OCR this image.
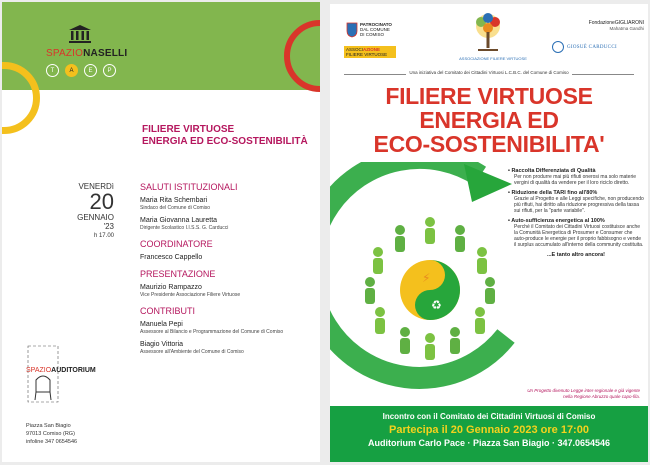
SPAZIONASELLI
T	A	E	P
FILIERE VIRTUOSE
ENERGIA ED ECO-SOSTENIBILITÀ
VENERDì
20
GENNAIO '23
h 17.00
SALUTI ISTITUZIONALI
Maria Rita Schembari
Sindaco del Comune di Comiso
Maria Giovanna Lauretta
Dirigente Scolastico I.I.S.S. G. Carducci
COORDINATORE
Francesco Cappello
PRESENTAZIONE
Maurizio Rampazzo
Vice Presidente Associazione Filiere Virtuose
CONTRIBUTI
Manuela Pepi
Assessore al Bilancio e Programmazione del Comune di Comiso
Biagio Vittoria
Assessore all'Ambiente del Comune di Comiso
SPAZIOAUDITORIUM
Piazza San Biagio
97013 Comiso (RG)
infoline 347 0654546
PATROCINATO
DAL COMUNE
DI COMISO
ASSOCIAZIONE
FILIERE VIRTUOSE
ASSOCIAZIONE FILIERE VIRTUOSE
FondazioneGIGLIARONI
Mahatma Gandhi
GIOSUÈ CARDUCCI
Una iniziativa del Comitato dei Cittadini Virtuosi L.C.B.C. del Comune di Comiso
FILIERE VIRTUOSE
ENERGIA ED
ECO-SOSTENIBILITA'
⚡
♻
• Raccolta Differenziata di Qualità
Per non produrre mai più rifiuti onerosi ma solo materie vergini di qualità da vendere per il loro riciclo diretto.
• Riduzione della TARI fino all'80%
Grazie al Progetto e alle Leggi specifiche, non producendo più rifiuti, hai diritto alla riduzione progressiva della tassa sui rifiuti, per la "parte variabile".
• Auto-sufficienza energetica al 100%
Perché il Comitato dei Cittadini Virtuosi costituisce anche la Comunità Energetica di Prosumer e Consumer che auto-produce le energie per il proprio fabbisogno e vende il surplus accumulato all'interno della community costituita.
...E tanto altro ancora!
Un Progetto divenuto Legge inter-regionale e già vigente nella Regione Abruzzo quale capo-fila.
Incontro con il Comitato dei Cittadini Virtuosi di Comiso
Partecipa il 20 Gennaio 2023 ore 17:00
Auditorium Carlo Pace · Piazza San Biagio · 347.0654546
